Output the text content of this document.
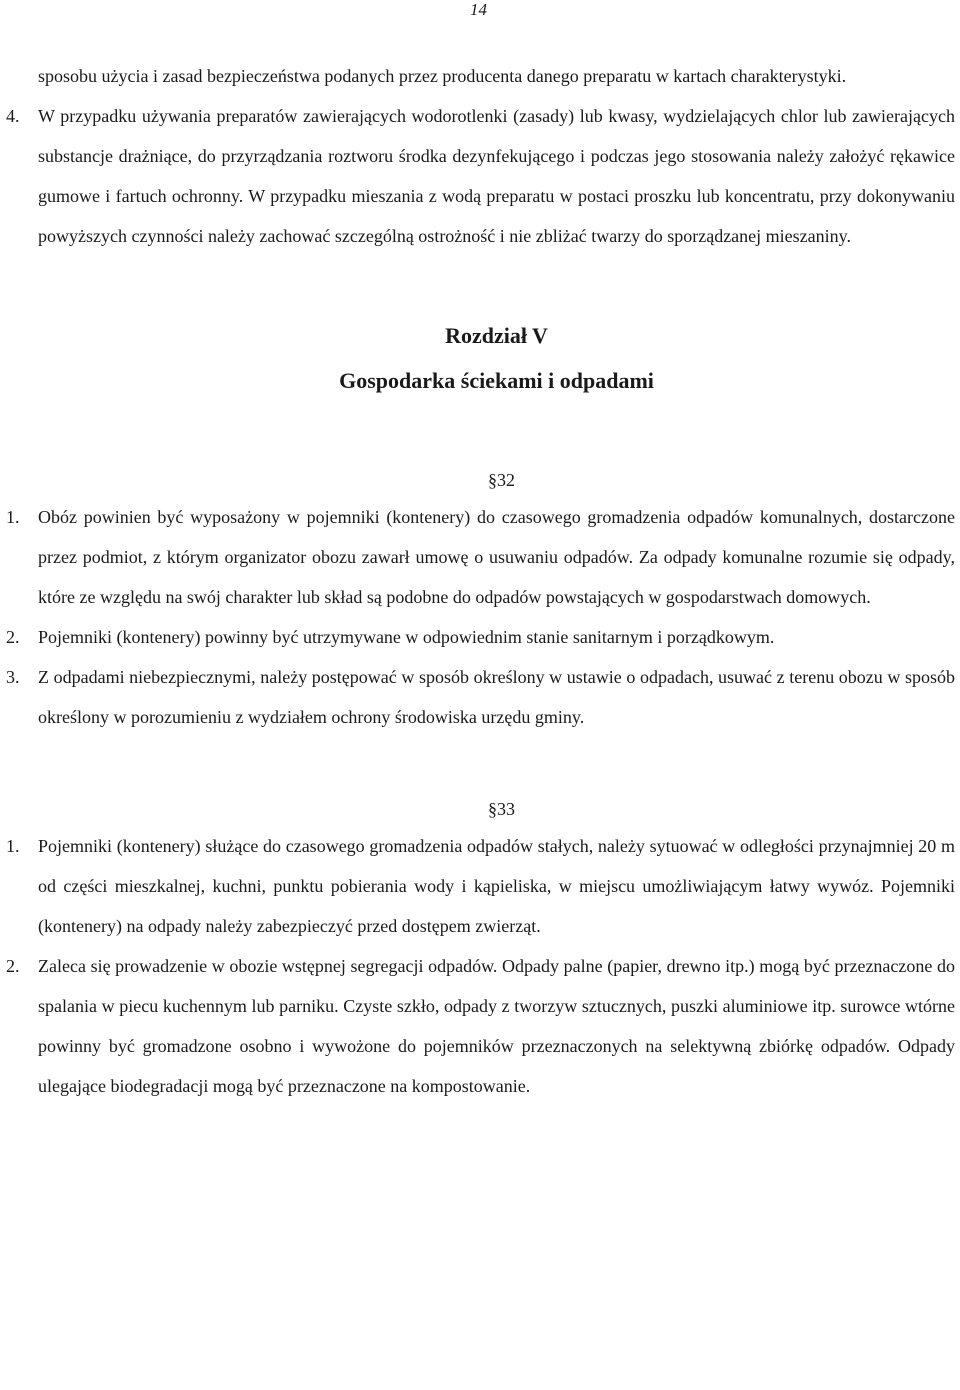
14

sposobu użycia i zasad bezpieczeństwa podanych przez producenta danego preparatu w kartach charakterystyki.

4. W przypadku używania preparatów zawierających wodorotlenki (zasady) lub kwasy, wydzielających chlor lub zawierających substancje drażniące, do przyrządzania roztworu środka dezynfekującego i podczas jego stosowania należy założyć rękawice gumowe i fartuch ochronny. W przypadku mieszania z wodą preparatu w postaci proszku lub koncentratu, przy dokonywaniu powyższych czynności należy zachować szczególną ostrożność i nie zbliżać twarzy do sporządzanej mieszaniny.
Rozdział V
Gospodarka ściekami i odpadami
§32
1. Obóz powinien być wyposażony w pojemniki (kontenery) do czasowego gromadzenia odpadów komunalnych, dostarczone przez podmiot, z którym organizator obozu zawarł umowę o usuwaniu odpadów. Za odpady komunalne rozumie się odpady, które ze względu na swój charakter lub skład są podobne do odpadów powstających w gospodarstwach domowych.
2. Pojemniki (kontenery) powinny być utrzymywane w odpowiednim stanie sanitarnym i porządkowym.
3. Z odpadami niebezpiecznymi, należy postępować w sposób określony w ustawie o odpadach, usuwać z terenu obozu w sposób określony w porozumieniu z wydziałem ochrony środowiska urzędu gminy.
§33
1. Pojemniki (kontenery) służące do czasowego gromadzenia odpadów stałych, należy sytuować w odległości przynajmniej 20 m od części mieszkalnej, kuchni, punktu pobierania wody i kąpieliska, w miejscu umożliwiającym łatwy wywóz. Pojemniki (kontenery) na odpady należy zabezpieczyć przed dostępem zwierząt.
2. Zaleca się prowadzenie w obozie wstępnej segregacji odpadów. Odpady palne (papier, drewno itp.) mogą być przeznaczone do spalania w piecu kuchennym lub parniku. Czyste szkło, odpady z tworzyw sztucznych, puszki aluminiowe itp. surowce wtórne powinny być gromadzone osobno i wywożone do pojemników przeznaczonych na selektywną zbiórkę odpadów. Odpady ulegające biodegradacji mogą być przeznaczone na kompostowanie.
